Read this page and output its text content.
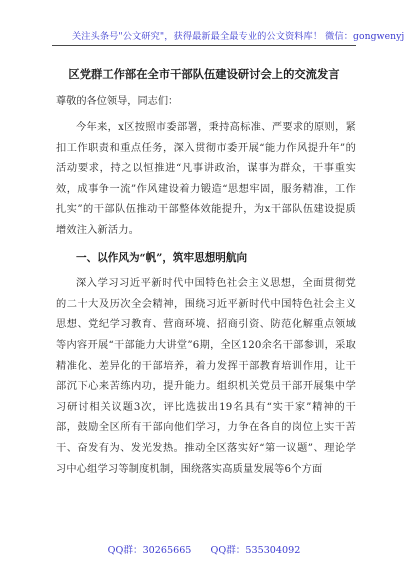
关注头条号"公文研究"，获得最新最全最专业的公文资料库！ 微信：gongwenyj
区党群工作部在全市干部队伍建设研讨会上的交流发言
尊敬的各位领导，同志们：

今年来，x区按照市委部署，秉持高标准、严要求的原则，紧扣工作职责和重点任务，深入贯彻市委开展“能力作风提升年”的活动要求，持之以恒推进“凡事讲政治，谋事为群众，干事重实效，成事争一流”作风建设着力锻造“思想牢固，服务精准，工作扎实”的干部队伍推动干部整体效能提升，为x干部队伍建设提质增效注入新活力。

一、以作风为“帆”，筑牢思想明航向

深入学习习近平新时代中国特色社会主义思想，全面贯彻党的二十大及历次全会精神，围绕习近平新时代中国特色社会主义思想、党纪学习教育、营商环境、招商引资、防范化解重点领域等内容开展“干部能力大讲堂”6期，全区120余名干部参训，采取精准化、差异化的干部培养，着力发挥干部教育培训作用，让干部沉下心来苦练内功，提升能力。组织机关党员干部开展集中学习研讨相关议题3次，评比选拔出19名具有“实干家”精神的干部，鼓励全区所有干部向他们学习，力争在各自的岗位上实干苦干、奋发有为、发光发热。推动全区落实好“第一议题”、理论学习中心组学习等制度机制，围绕落实高质量发展等6个方面

QQ群：30265665 QQ群：535304092
